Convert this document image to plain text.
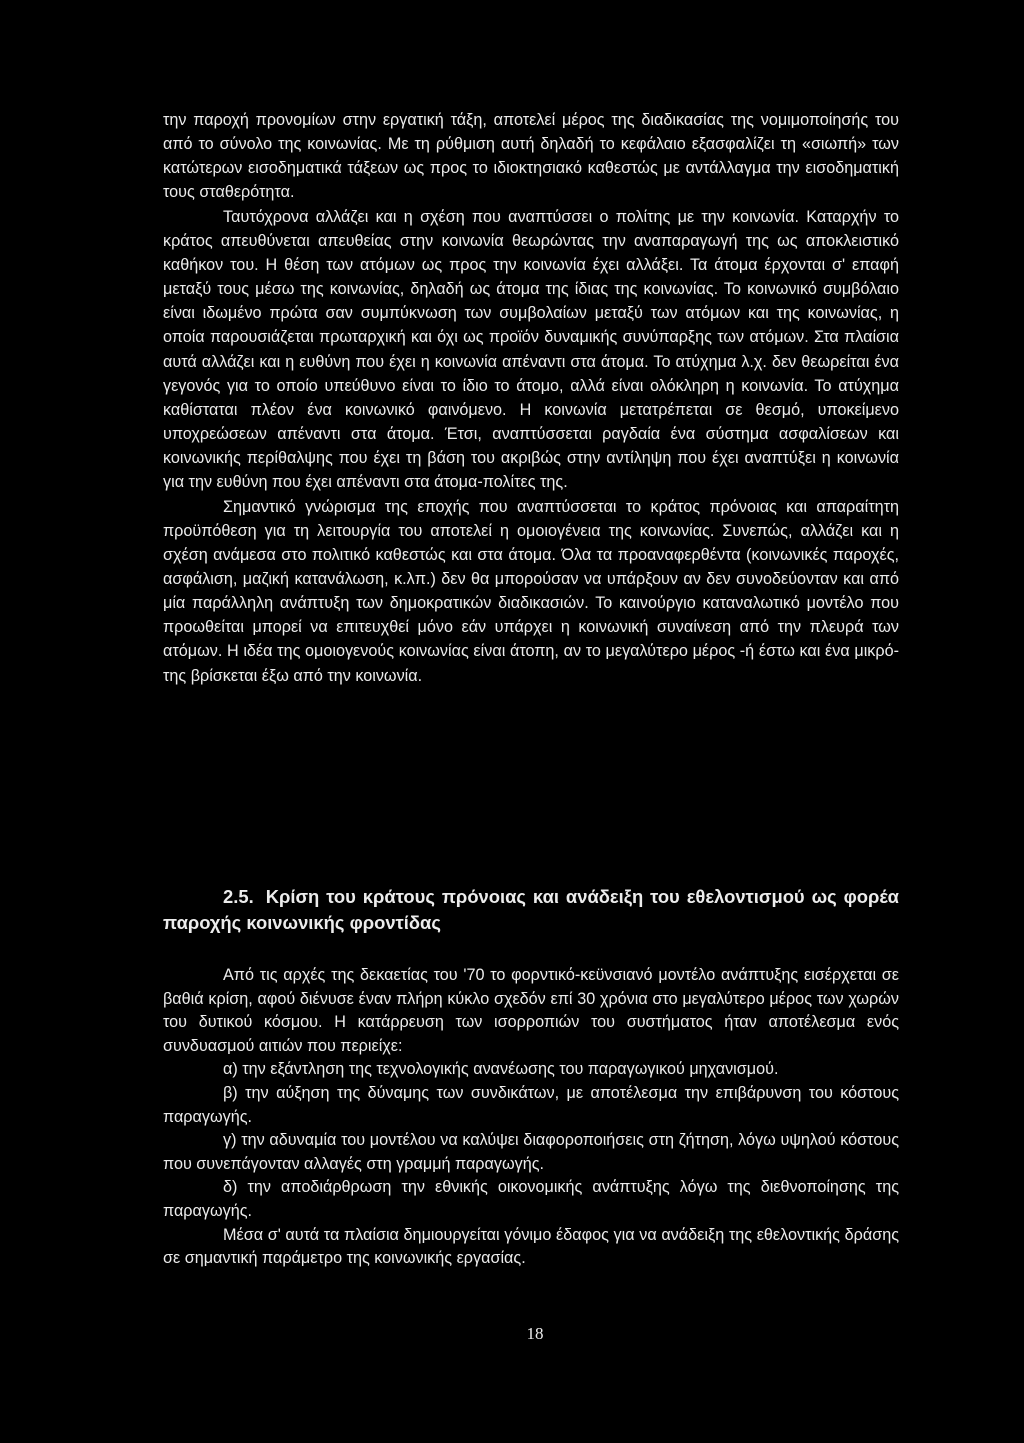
την παροχή προνομίων στην εργατική τάξη, αποτελεί μέρος της διαδικασίας της νομιμοποίησής του από το σύνολο της κοινωνίας. Με τη ρύθμιση αυτή δηλαδή το κεφάλαιο εξασφαλίζει τη «σιωπή» των κατώτερων εισοδηματικά τάξεων ως προς το ιδιοκτησιακό καθεστώς με αντάλλαγμα την εισοδηματική τους σταθερότητα.

Ταυτόχρονα αλλάζει και η σχέση που αναπτύσσει ο πολίτης με την κοινωνία. Καταρχήν το κράτος απευθύνεται απευθείας στην κοινωνία θεωρώντας την αναπαραγωγή της ως αποκλειστικό καθήκον του. Η θέση των ατόμων ως προς την κοινωνία έχει αλλάξει. Τα άτομα έρχονται σ' επαφή μεταξύ τους μέσω της κοινωνίας, δηλαδή ως άτομα της ίδιας της κοινωνίας. Το κοινωνικό συμβόλαιο είναι ιδωμένο πρώτα σαν συμπύκνωση των συμβολαίων μεταξύ των ατόμων και της κοινωνίας, η οποία παρουσιάζεται πρωταρχική και όχι ως προϊόν δυναμικής συνύπαρξης των ατόμων. Στα πλαίσια αυτά αλλάζει και η ευθύνη που έχει η κοινωνία απέναντι στα άτομα. Το ατύχημα λ.χ. δεν θεωρείται ένα γεγονός για το οποίο υπεύθυνο είναι το ίδιο το άτομο, αλλά είναι ολόκληρη η κοινωνία. Το ατύχημα καθίσταται πλέον ένα κοινωνικό φαινόμενο. Η κοινωνία μετατρέπεται σε θεσμό, υποκείμενο υποχρεώσεων απέναντι στα άτομα. Έτσι, αναπτύσσεται ραγδαία ένα σύστημα ασφαλίσεων και κοινωνικής περίθαλψης που έχει τη βάση του ακριβώς στην αντίληψη που έχει αναπτύξει η κοινωνία για την ευθύνη που έχει απέναντι στα άτομα-πολίτες της.

Σημαντικό γνώρισμα της εποχής που αναπτύσσεται το κράτος πρόνοιας και απαραίτητη προϋπόθεση για τη λειτουργία του αποτελεί η ομοιογένεια της κοινωνίας. Συνεπώς, αλλάζει και η σχέση ανάμεσα στο πολιτικό καθεστώς και στα άτομα. Όλα τα προαναφερθέντα (κοινωνικές παροχές, ασφάλιση, μαζική κατανάλωση, κ.λπ.) δεν θα μπορούσαν να υπάρξουν αν δεν συνοδεύονταν και από μία παράλληλη ανάπτυξη των δημοκρατικών διαδικασιών. Το καινούργιο καταναλωτικό μοντέλο που προωθείται μπορεί να επιτευχθεί μόνο εάν υπάρχει η κοινωνική συναίνεση από την πλευρά των ατόμων. Η ιδέα της ομοιογενούς κοινωνίας είναι άτοπη, αν το μεγαλύτερο μέρος -ή έστω και ένα μικρό- της βρίσκεται έξω από την κοινωνία.

2.5. Κρίση του κράτους πρόνοιας και ανάδειξη του εθελοντισμού ως φορέα παροχής κοινωνικής φροντίδας

Από τις αρχές της δεκαετίας του '70 το φορντικό-κεϋνσιανό μοντέλο ανάπτυξης εισέρχεται σε βαθιά κρίση, αφού διένυσε έναν πλήρη κύκλο σχεδόν επί 30 χρόνια στο μεγαλύτερο μέρος των χωρών του δυτικού κόσμου. Η κατάρρευση των ισορροπιών του συστήματος ήταν αποτέλεσμα ενός συνδυασμού αιτιών που περιείχε:

α) την εξάντληση της τεχνολογικής ανανέωσης του παραγωγικού μηχανισμού.

β) την αύξηση της δύναμης των συνδικάτων, με αποτέλεσμα την επιβάρυνση του κόστους παραγωγής.

γ) την αδυναμία του μοντέλου να καλύψει διαφοροποιήσεις στη ζήτηση, λόγω υψηλού κόστους που συνεπάγονταν αλλαγές στη γραμμή παραγωγής.

δ) την αποδιάρθρωση την εθνικής οικονομικής ανάπτυξης λόγω της διεθνοποίησης της παραγωγής.

Μέσα σ' αυτά τα πλαίσια δημιουργείται γόνιμο έδαφος για να ανάδειξη της εθελοντικής δράσης σε σημαντική παράμετρο της κοινωνικής εργασίας.

18
